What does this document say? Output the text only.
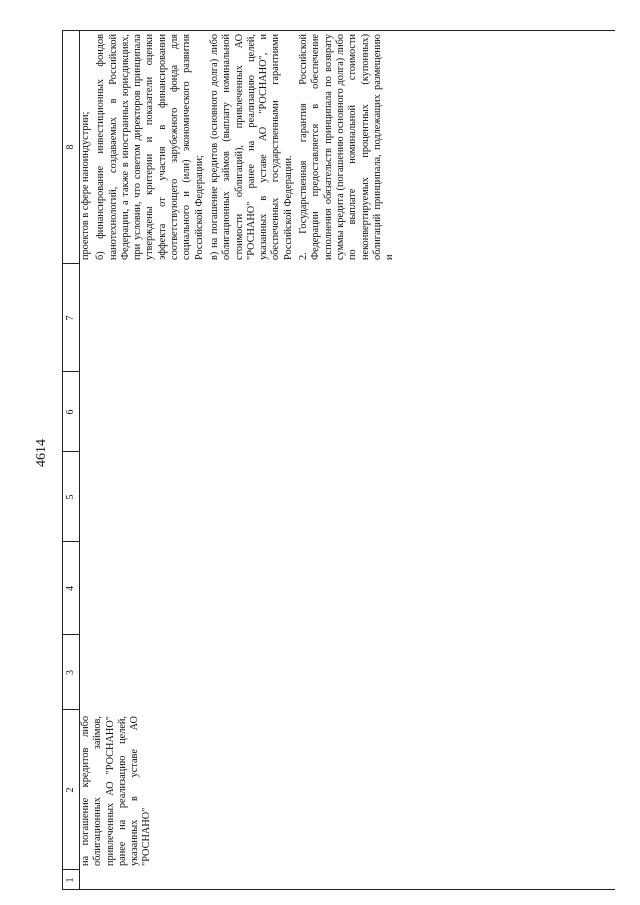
4614
1
2
3
4
5
6
7
8

на погашение кредитов либо облигационных займов, привлеченных АО "РОСНАНО" ранее на реализацию целей, указанных в уставе АО "РОСНАНО"

проектов в сфере наноиндустрии; б) финансирование инвестиционных фондов нанотехнологий, создаваемых в Российской Федерации, а также в иностранных юрисдикциях, при условии, что советом директоров принципала утверждены критерии и показатели оценки эффекта от участия в финансировании соответствующего зарубежного фонда для социального и (или) экономического развития Российской Федерации; в) на погашение кредитов (основного долга) либо облигационных займов (выплату номинальной стоимости облигаций), привлеченных АО "РОСНАНО" ранее на реализацию целей, указанных в уставе АО "РОСНАНО", и обеспеченных государственными гарантиями Российской Федерации. 2. Государственная гарантия Российской Федерации предоставляется в обеспечение исполнения обязательств принципала по возврату суммы кредита (погашению основного долга) либо по выплате номинальной стоимости неконвертируемых процентных (купонных) облигаций принципала, подлежащих размещению и
